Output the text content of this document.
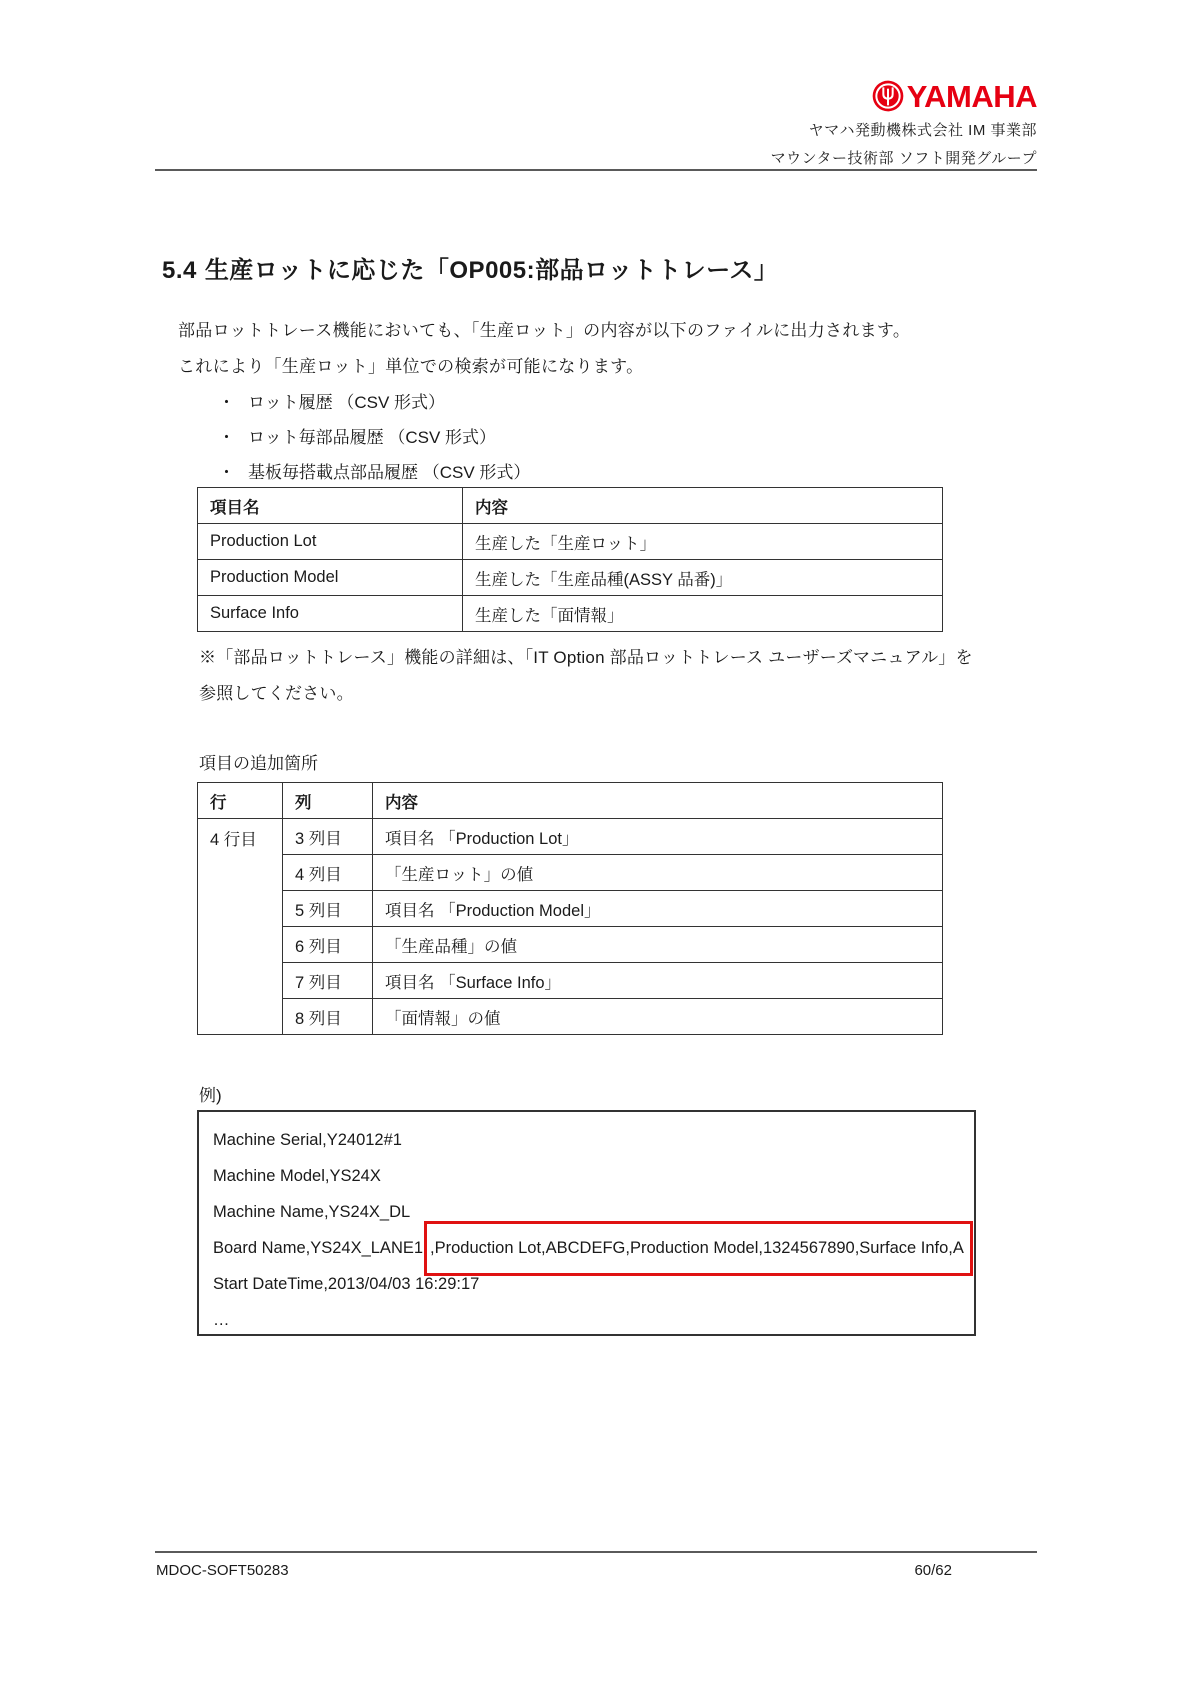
YAMAHA
ヤマハ発動機株式会社 IM 事業部
マウンター技術部 ソフト開発グループ
5.4 生産ロットに応じた「OP005:部品ロットトレース」
部品ロットトレース機能においても、「生産ロット」の内容が以下のファイルに出力されます。
これにより「生産ロット」単位での検索が可能になります。
・ ロット履歴 （CSV 形式）
・ ロット毎部品履歴 （CSV 形式）
・ 基板毎搭載点部品履歴 （CSV 形式）
項目名	内容
Production Lot	生産した「生産ロット」
Production Model	生産した「生産品種(ASSY 品番)」
Surface Info	生産した「面情報」
※「部品ロットトレース」機能の詳細は、「IT Option 部品ロットトレース ユーザーズマニュアル」を
参照してください。
項目の追加箇所
行	列	内容
4 行目	3 列目	項目名 「Production Lot」
	4 列目	「生産ロット」の値
	5 列目	項目名 「Production Model」
	6 列目	「生産品種」の値
	7 列目	項目名 「Surface Info」
	8 列目	「面情報」の値
例)
Machine Serial,Y24012#1
Machine Model,YS24X
Machine Name,YS24X_DL
Board Name,YS24X_LANE1 ,Production Lot,ABCDEFG,Production Model,1324567890,Surface Info,A
Start DateTime,2013/04/03 16:29:17
…
MDOC-SOFT50283	60/62
